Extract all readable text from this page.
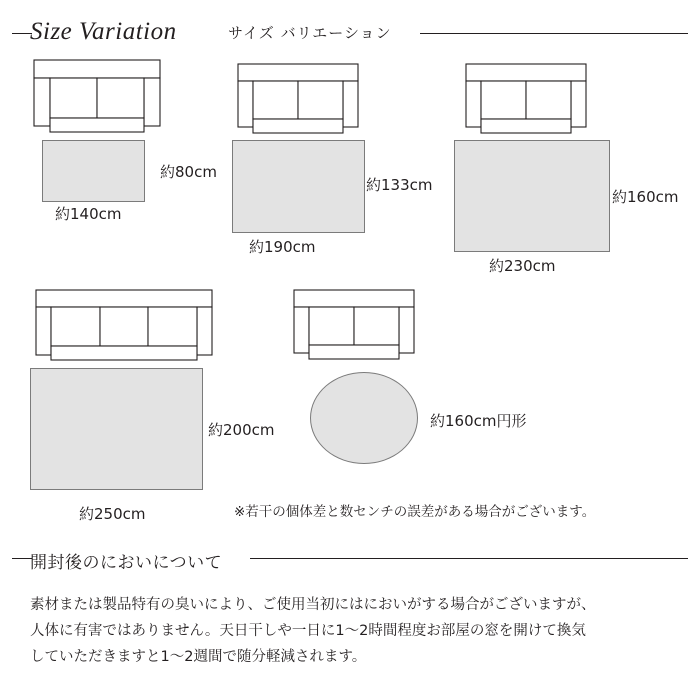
Size Variation	サイズ バリエーション
約80cm
約140cm
約133cm
約190cm
約160cm
約230cm
約200cm
約250cm
約160cm円形
※若干の個体差と数センチの誤差がある場合がございます。
開封後のにおいについて
素材または製品特有の臭いにより、ご使用当初にはにおいがする場合がございますが、
人体に有害ではありません。天日干しや一日に1～2時間程度お部屋の窓を開けて換気
していただきますと1～2週間で随分軽減されます。
